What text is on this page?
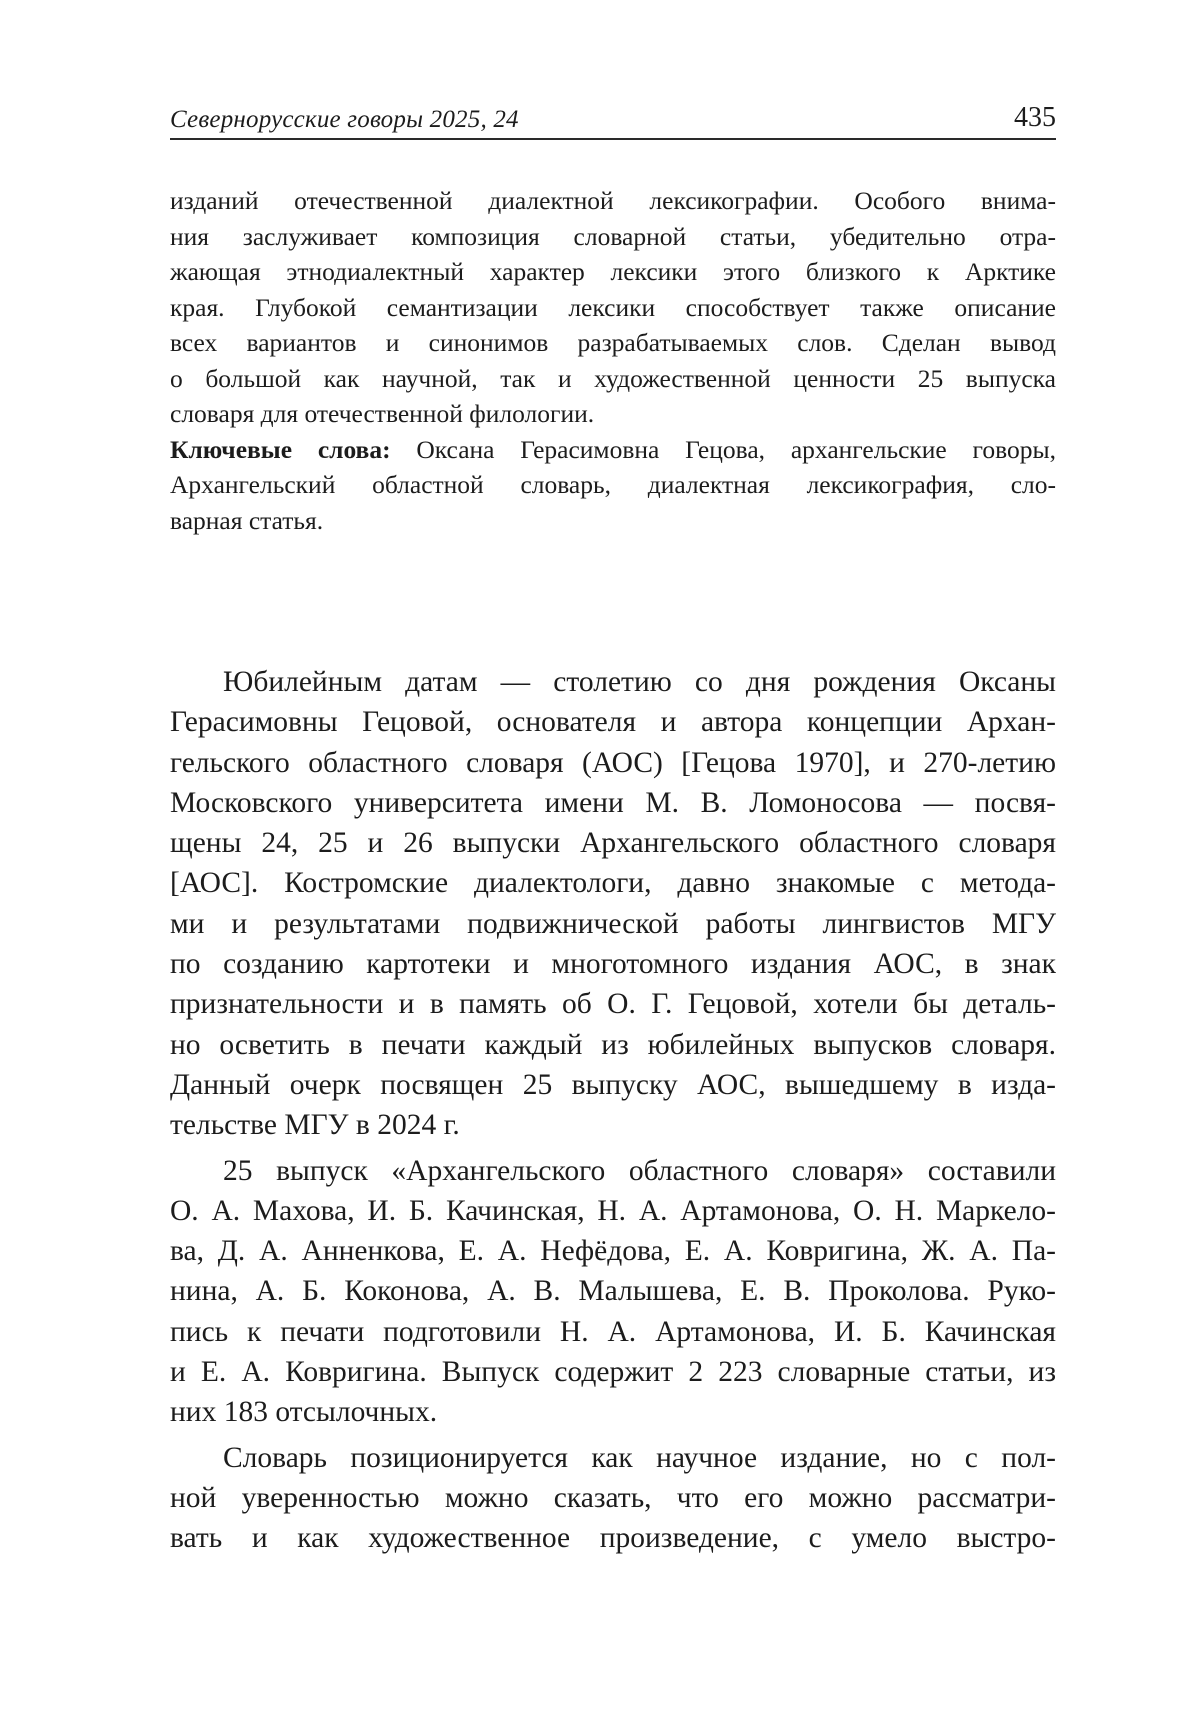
Севернорусские говоры 2025, 24	435
изданий отечественной диалектной лексикографии. Особого внима-
ния заслуживает композиция словарной статьи, убедительно отра-
жающая этнодиалектный характер лексики этого близкого к Арктике
края. Глубокой семантизации лексики способствует также описание
всех вариантов и синонимов разрабатываемых слов. Сделан вывод
о большой как научной, так и художественной ценности 25 выпуска
словаря для отечественной филологии.
Ключевые слова: Оксана Герасимовна Гецова, архангельские говоры,
Архангельский областной словарь, диалектная лексикография, сло-
варная статья.
Юбилейным датам — столетию со дня рождения Оксаны
Герасимовны Гецовой, основателя и автора концепции Архан-
гельского областного словаря (АОС) [Гецова 1970], и 270-летию
Московского университета имени М. В. Ломоносова — посвя-
щены 24, 25 и 26 выпуски Архангельского областного словаря
[АОС]. Костромские диалектологи, давно знакомые с метода-
ми и результатами подвижнической работы лингвистов МГУ
по созданию картотеки и многотомного издания АОС, в знак
признательности и в память об О. Г. Гецовой, хотели бы деталь-
но осветить в печати каждый из юбилейных выпусков словаря.
Данный очерк посвящен 25 выпуску АОС, вышедшему в изда-
тельстве МГУ в 2024 г.
25 выпуск «Архангельского областного словаря» составили
О. А. Махова, И. Б. Качинская, Н. А. Артамонова, О. Н. Маркело-
ва, Д. А. Анненкова, Е. А. Нефёдова, Е. А. Ковригина, Ж. А. Па-
нина, А. Б. Коконова, А. В. Малышева, Е. В. Проколова. Руко-
пись к печати подготовили Н. А. Артамонова, И. Б. Качинская
и Е. А. Ковригина. Выпуск содержит 2 223 словарные статьи, из
них 183 отсылочных.
Словарь позиционируется как научное издание, но с пол-
ной уверенностью можно сказать, что его можно рассматри-
вать и как художественное произведение, с умело выстро-
